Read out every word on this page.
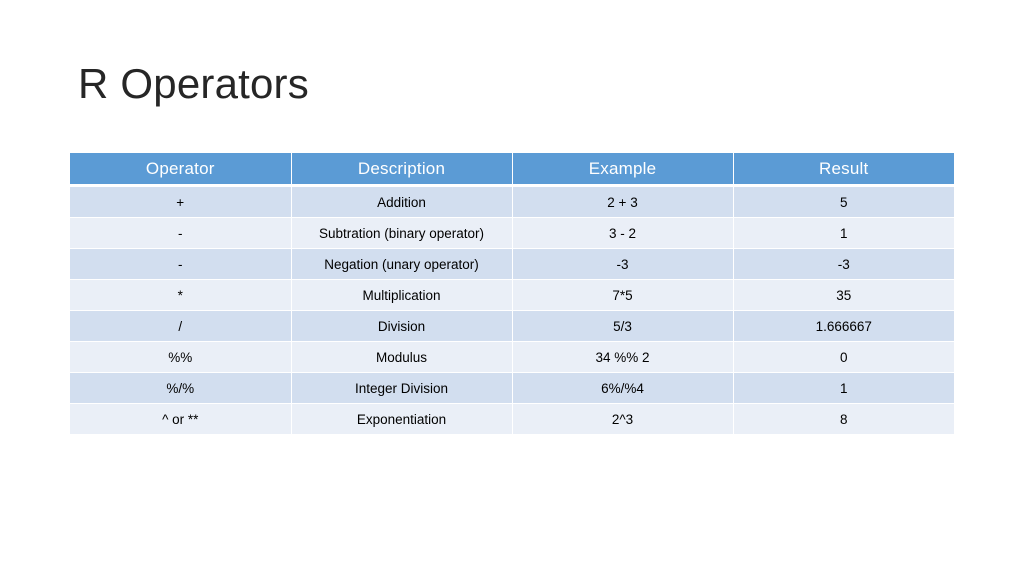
R Operators
Operator	Description	Example	Result
+	Addition	2 + 3	5
-	Subtration (binary operator)	3 - 2	1
-	Negation (unary operator)	-3	-3
*	Multiplication	7*5	35
/	Division	5/3	1.666667
%%	Modulus	34 %% 2	0
%/%	Integer Division	6%/%4	1
^ or **	Exponentiation	2^3	8
